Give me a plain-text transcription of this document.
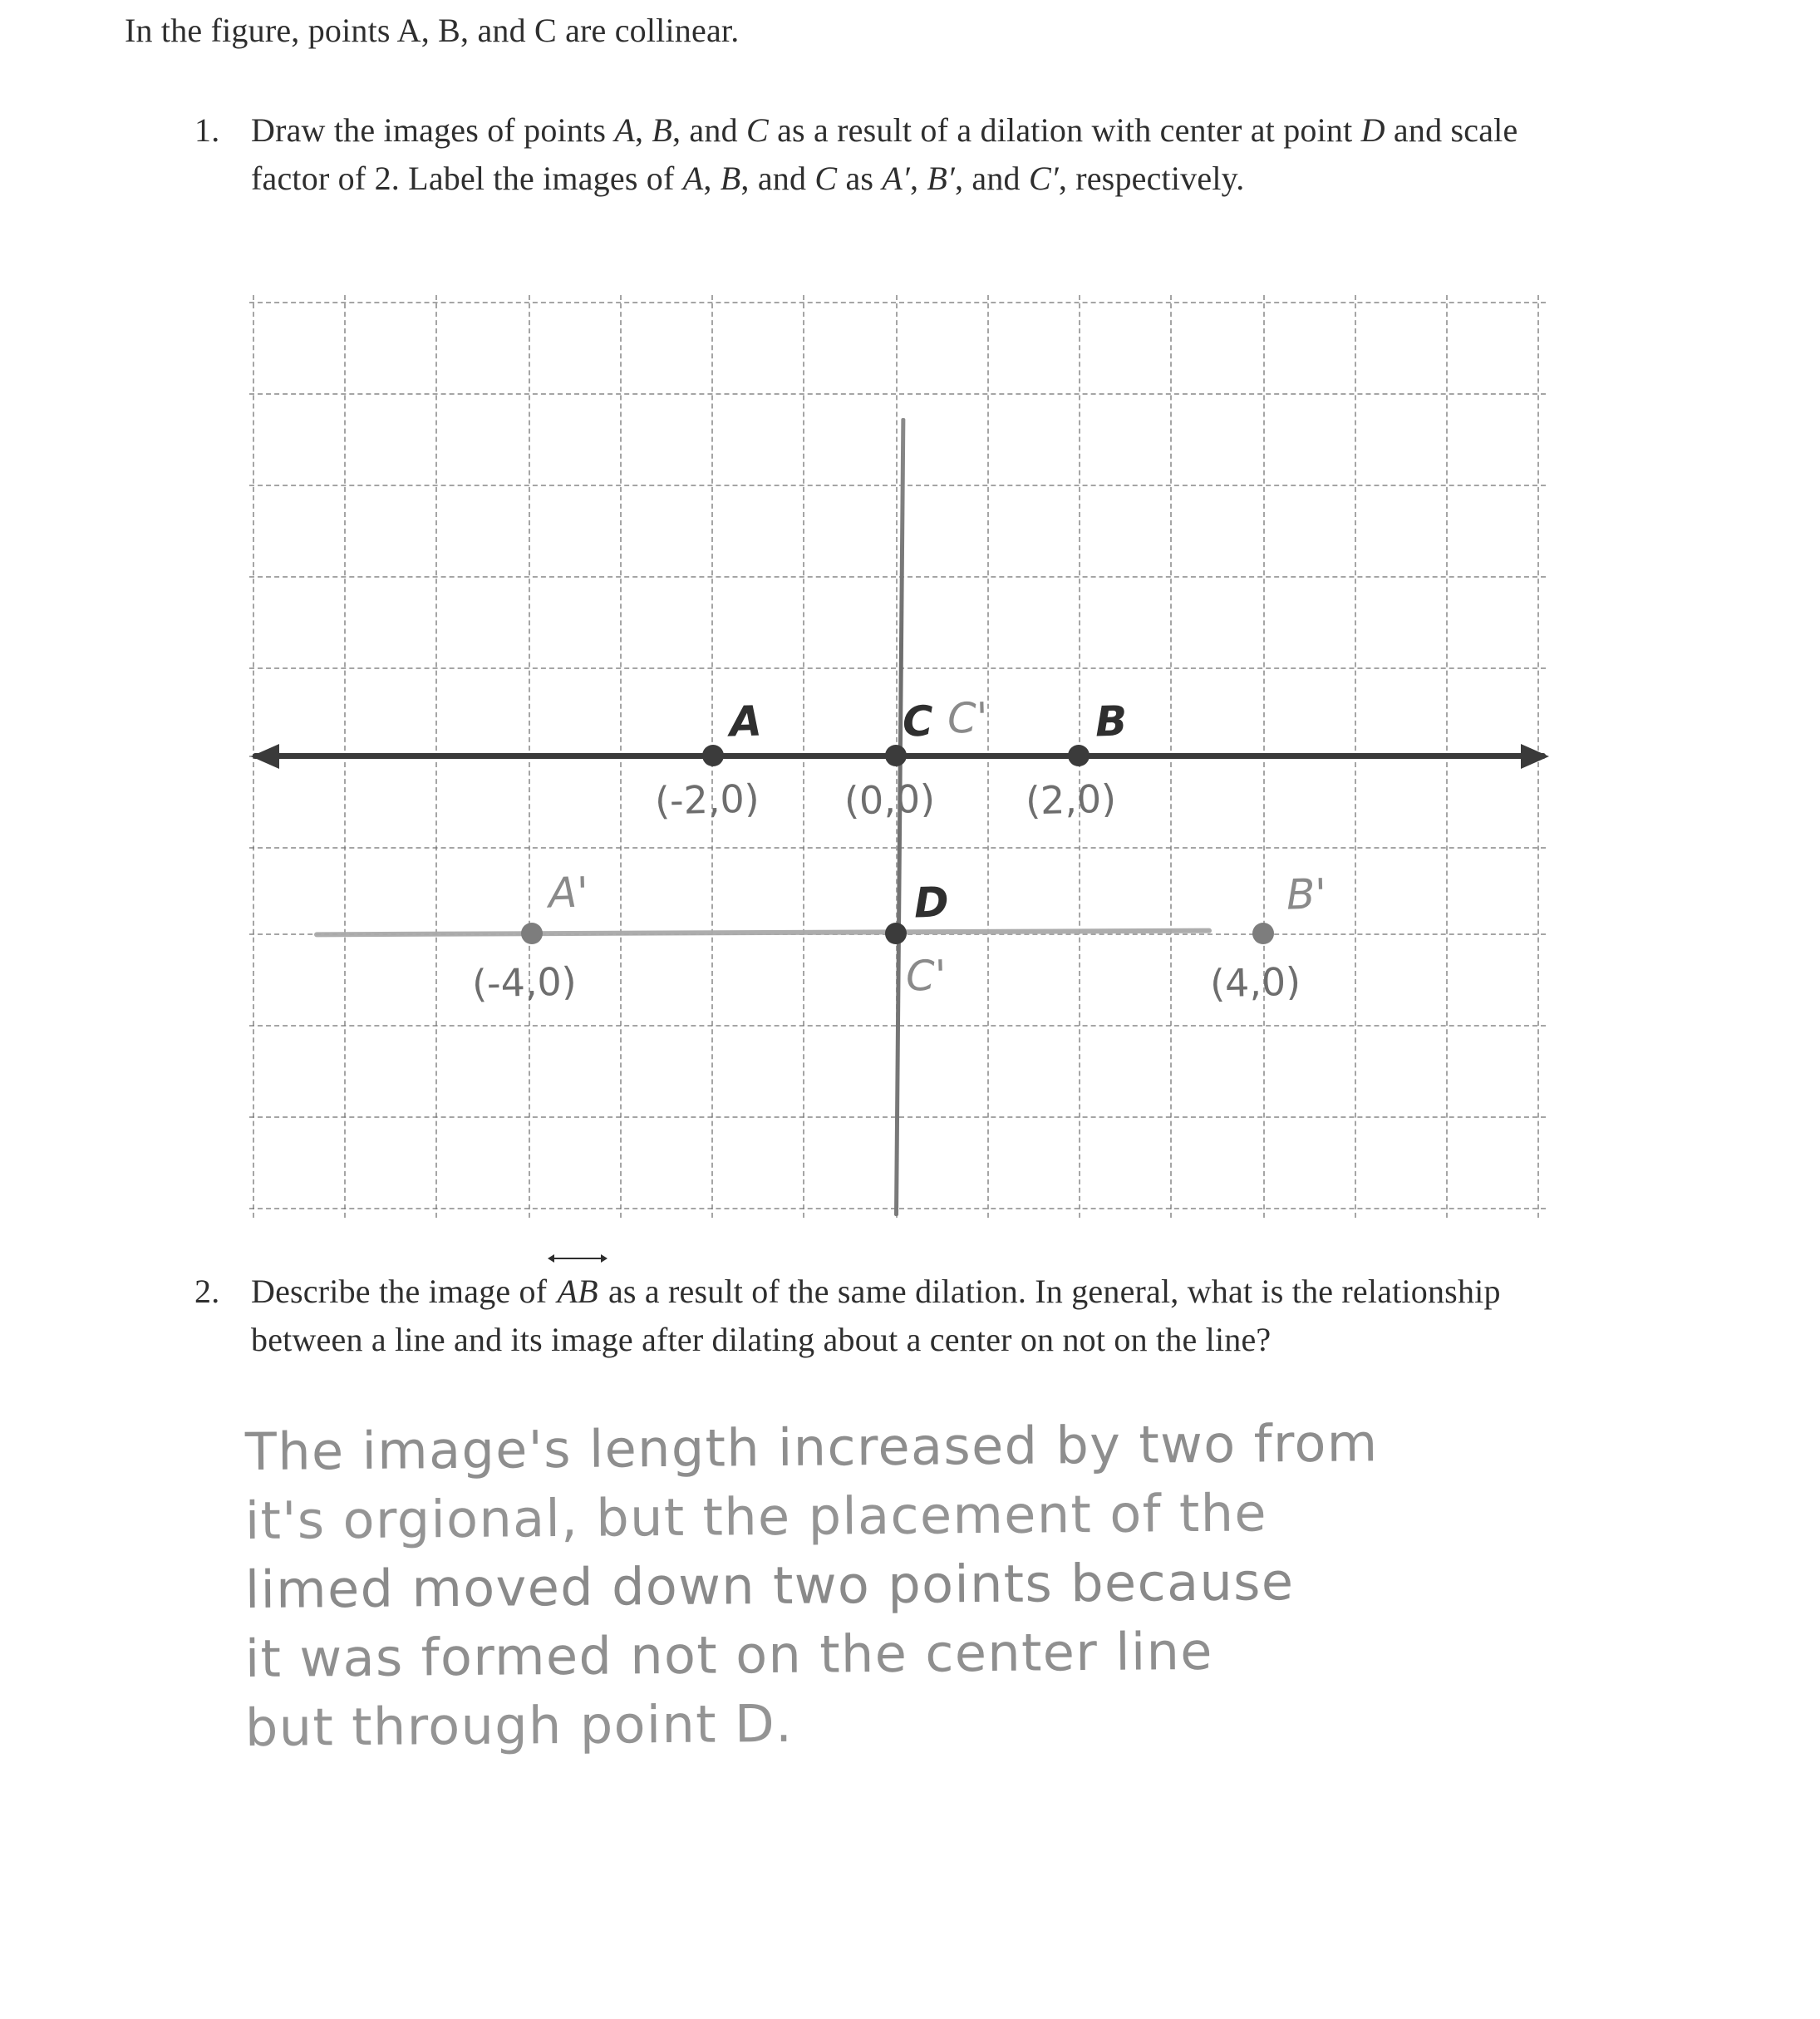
In the figure, points A, B, and C are collinear.
1. Draw the images of points A, B, and C as a result of a dilation with center at point D and scale factor of 2. Label the images of A, B, and C as A′, B′, and C′, respectively.
A
(-2,0)
C C'
(0,0)
B
(2,0)
A'
(-4,0)
D
C'
B'
(4,0)
2. Describe the image of
AB as a result of the same dilation. In general, what is the relationship between a line and its image after dilating about a center on not on the line?
The image's length increased by two from
it's orgional, but the placement of the
limed moved down two points because
it was formed not on the center line
but through point D.
